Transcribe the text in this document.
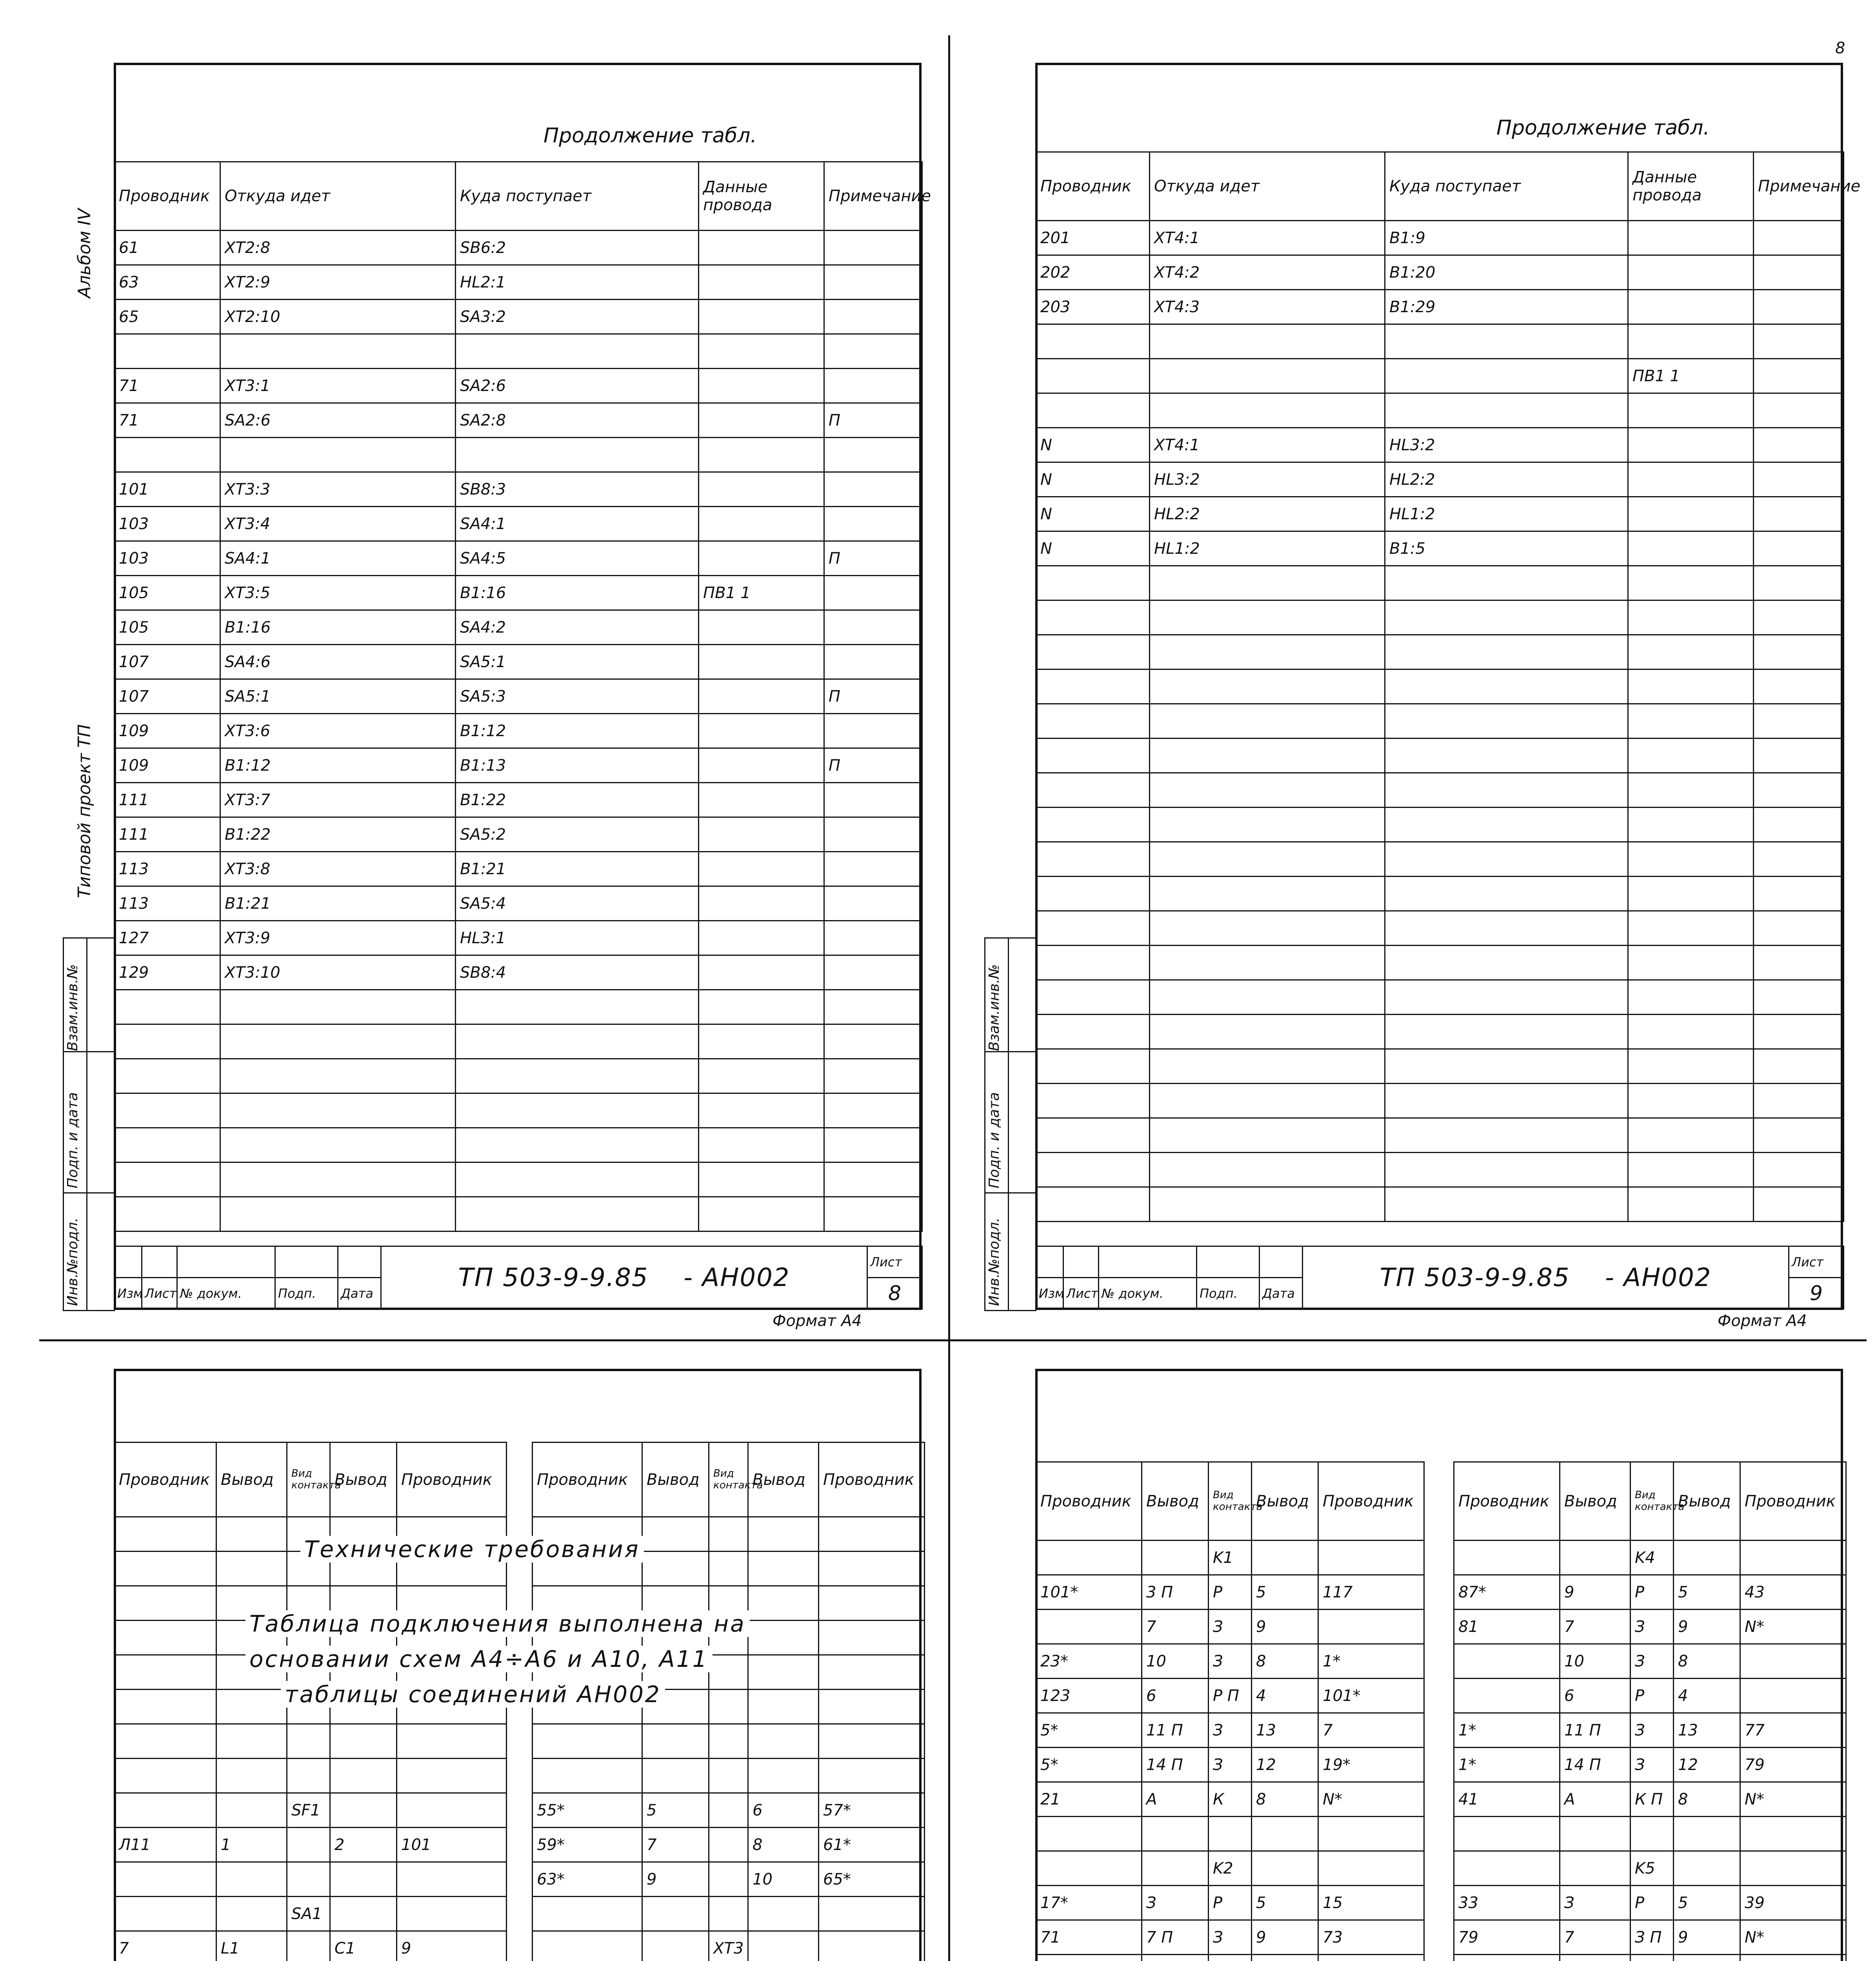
8
Продолжение табл.
Проводник	Откуда идет	Куда поступает	Данные провода	Примечание
61	XT2:8	SB6:2		
63	XT2:9	HL2:1		
65	XT2:10	SA3:2		

71	XT3:1	SA2:6		
71	SA2:6	SA2:8		П

101	XT3:3	SB8:3		
103	XT3:4	SA4:1		
103	SA4:1	SA4:5		П
105	XT3:5	B1:16	ПВ1 1	
105	B1:16	SA4:2		
107	SA4:6	SA5:1		
107	SA5:1	SA5:3		П
109	XT3:6	B1:12		
109	B1:12	B1:13		П
111	XT3:7	B1:22		
111	B1:22	SA5:2		
113	XT3:8	B1:21		
113	B1:21	SA5:4		
127	XT3:9	HL3:1		
129	XT3:10	SB8:4		

					ТП 503-9-9.85 - АН002	Лист
Изм	Лист	№ докум.	Подп.	Дата		8
Формат А4
Альбом IV
Типовой проект ТП

Взам.инв.№
Подп. и дата
Инв.№подл.
Продолжение табл.
Проводник	Откуда идет	Куда поступает	Данные провода	Примечание
201	XT4:1	B1:9		
202	XT4:2	B1:20		
203	XT4:3	B1:29		

			ПВ1 1	

N	XT4:1	HL3:2		
N	HL3:2	HL2:2		
N	HL2:2	HL1:2		
N	HL1:2	B1:5		

					ТП 503-9-9.85 - АН002	Лист
Изм	Лист	№ докум.	Подп.	Дата		9
Формат А4

Взам.инв.№
Подп. и дата
Инв.№подл.
Проводник	Вывод	Вид контакта	Вывод	Проводник

		SF1		
Л11	1		2	101

		SA1		
7	L1		C1	9

Проводник	Вывод	Вид контакта	Вывод	Проводник

55*	5		6	57*
59*	7		8	61*
63*	9		10	65*

		XT3		

Технические требования
Таблица подключения выполнена на
основании схем А4÷А6 и А10, А11
таблицы соединений АН002

Проводник	Вывод	Вид контакта	Вывод	Проводник
		K1		
101*	3 П	Р	5	117
	7	З	9	
23*	10	З	8	1*
123	6	Р П	4	101*
5*	11 П	З	13	7
5*	14 П	З	12	19*
21	А	К	8	N*

		K2		
17*	З	Р	5	15
71	7 П	З	9	73

Проводник	Вывод	Вид контакта	Вывод	Проводник
		K4		
87*	9	Р	5	43
81	7	З	9	N*
	10	З	8	
	6	Р	4	
1*	11 П	З	13	77
1*	14 П	З	12	79
41	А	К П	8	N*

		K5		
33	З	Р	5	39
79	7	З П	9	N*
